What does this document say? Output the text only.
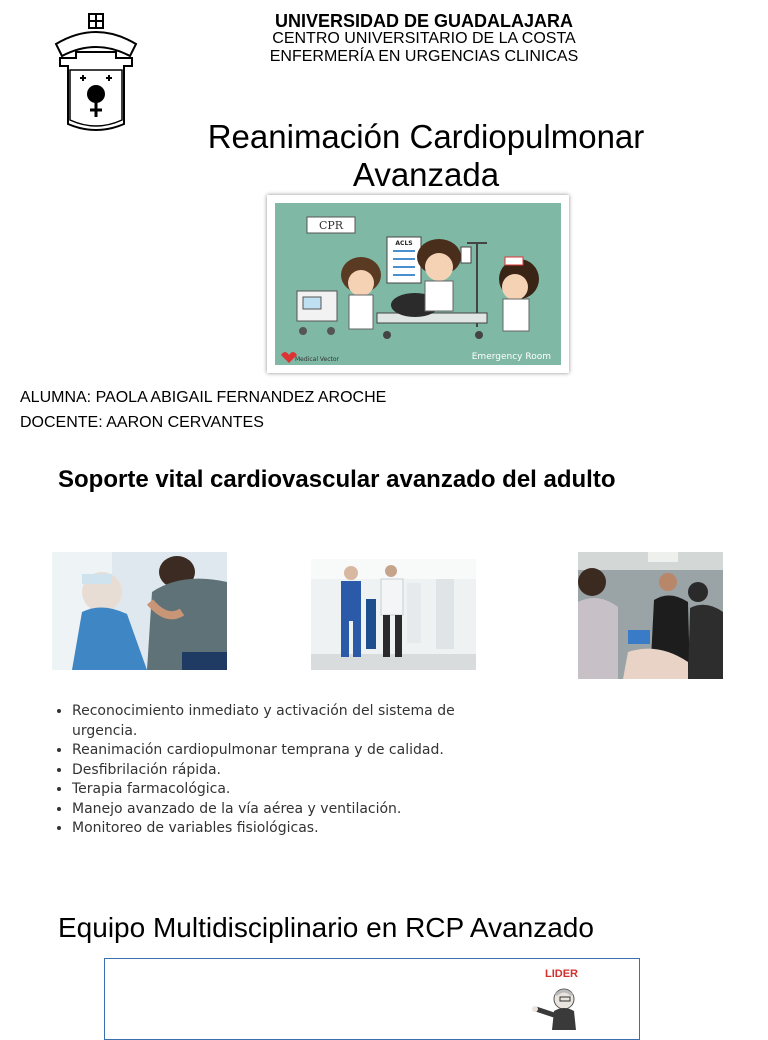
UNIVERSIDAD DE GUADALAJARA
CENTRO UNIVERSITARIO DE LA COSTA
ENFERMERÍA EN URGENCIAS CLINICAS
Reanimación Cardiopulmonar
Avanzada
CPR
ACLS
Medical Vector	Emergency Room
ALUMNA: PAOLA ABIGAIL FERNANDEZ AROCHE
DOCENTE: AARON CERVANTES
Soporte vital cardiovascular avanzado del adulto
• Reconocimiento inmediato y activación del sistema de urgencia.
• Reanimación cardiopulmonar temprana y de calidad.
• Desfibrilación rápida.
• Terapia farmacológica.
• Manejo avanzado de la vía aérea y ventilación.
• Monitoreo de variables fisiológicas.
Equipo Multidisciplinario en RCP Avanzado
LIDER
